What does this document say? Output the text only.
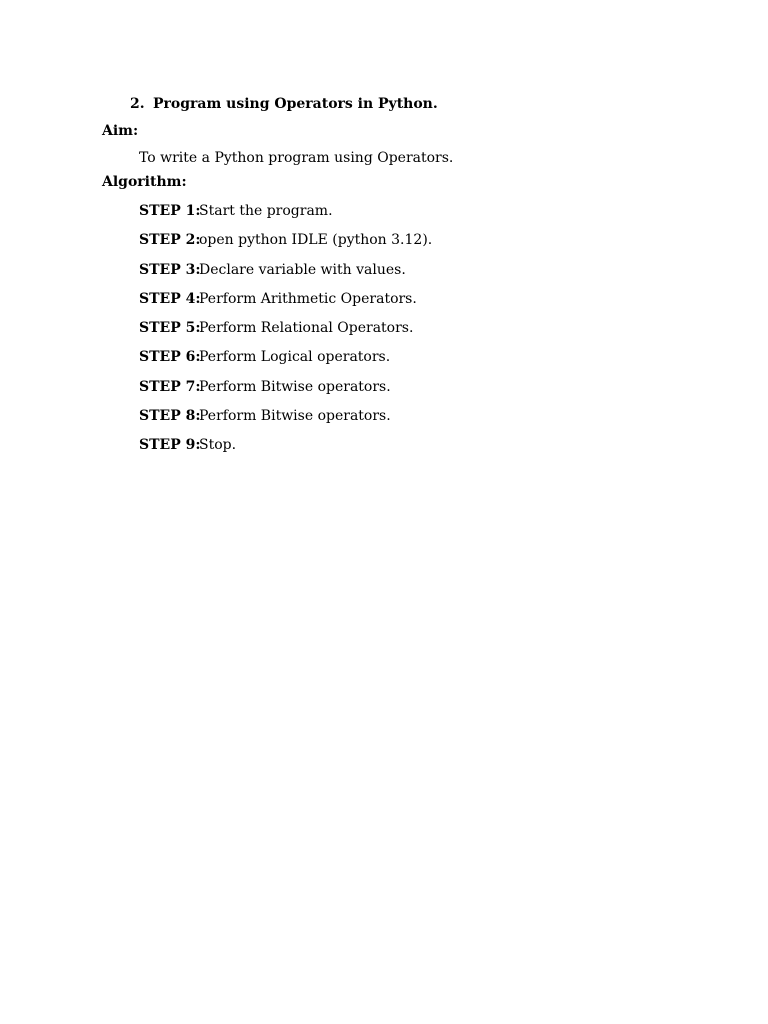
2. Program using Operators in Python.
Aim:
To write a Python program using Operators.
Algorithm:
STEP 1:Start the program.
STEP 2:open python IDLE (python 3.12).
STEP 3:Declare variable with values.
STEP 4:Perform Arithmetic Operators.
STEP 5:Perform Relational Operators.
STEP 6:Perform Logical operators.
STEP 7:Perform Bitwise operators.
STEP 8:Perform Bitwise operators.
STEP 9:Stop.
